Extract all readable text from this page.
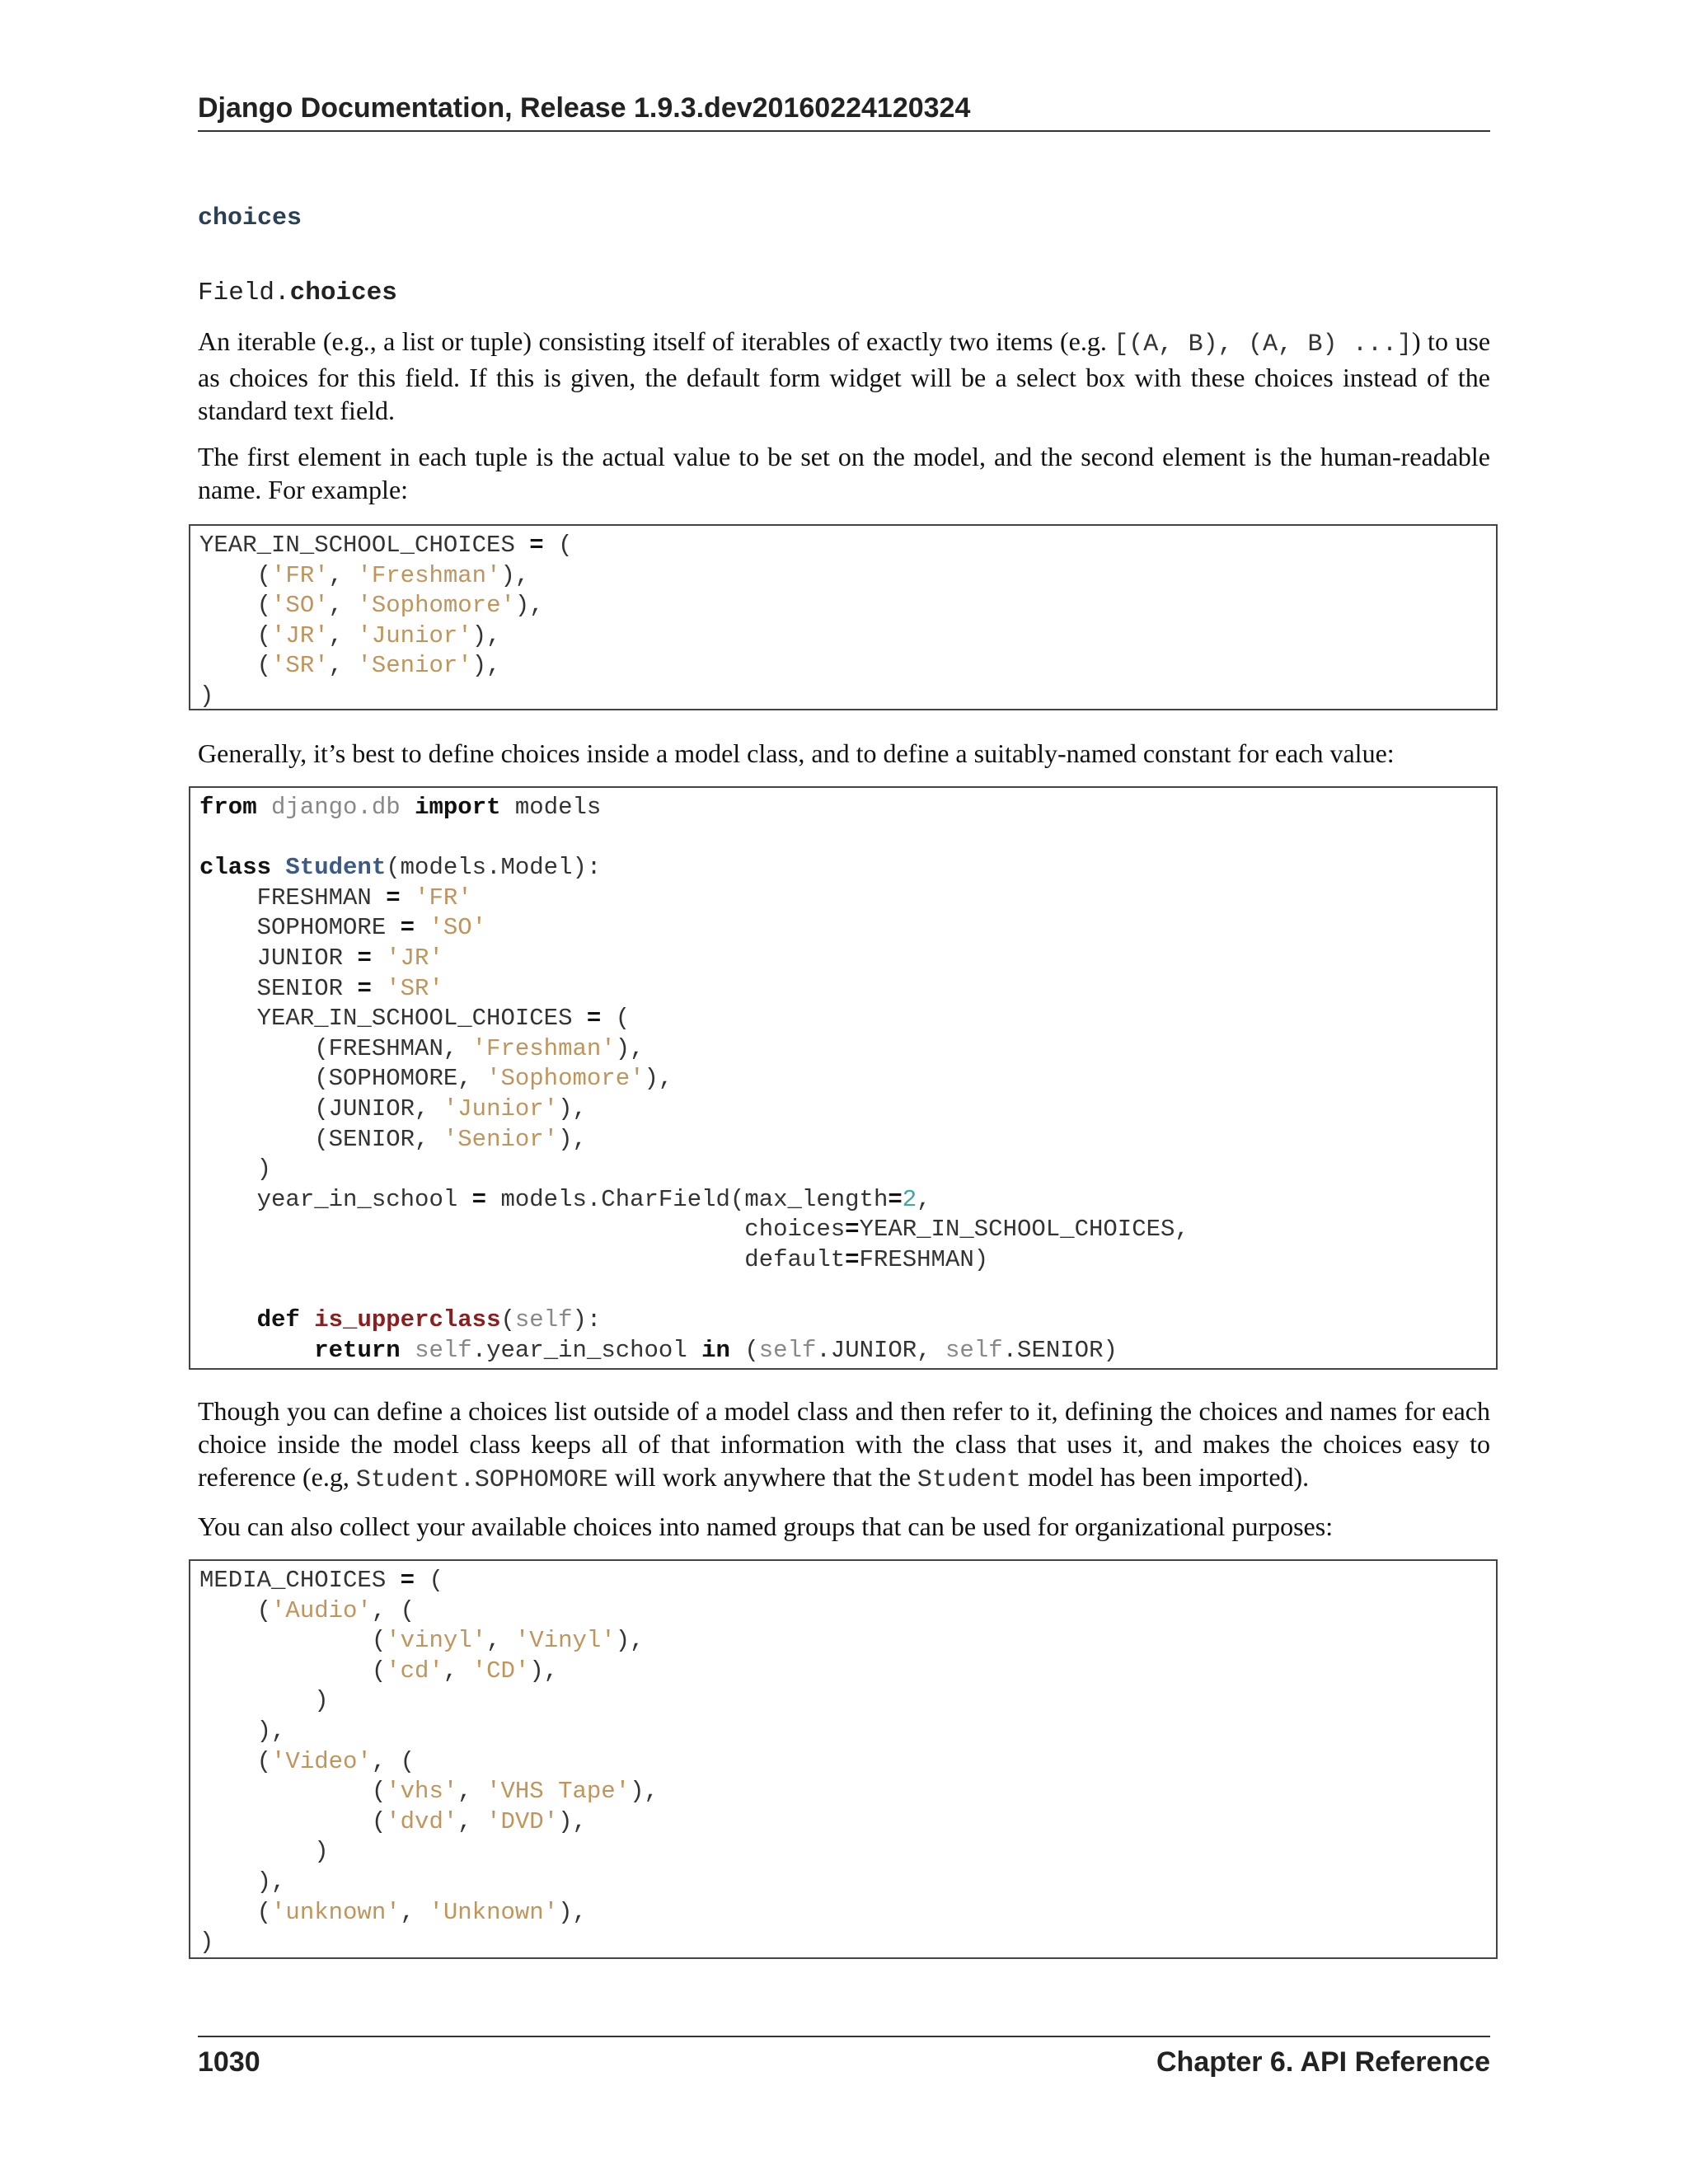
Django Documentation, Release 1.9.3.dev20160224120324
choices
Field.choices
An iterable (e.g., a list or tuple) consisting itself of iterables of exactly two items (e.g. [(A, B), (A, B) ...]) to use as choices for this field. If this is given, the default form widget will be a select box with these choices instead of the standard text field.
The first element in each tuple is the actual value to be set on the model, and the second element is the human-readable name. For example:
YEAR_IN_SCHOOL_CHOICES = (
('FR', 'Freshman'),
('SO', 'Sophomore'),
('JR', 'Junior'),
('SR', 'Senior'),
)
Generally, it’s best to define choices inside a model class, and to define a suitably-named constant for each value:
from django.db import models

class Student(models.Model):
FRESHMAN = 'FR'
SOPHOMORE = 'SO'
JUNIOR = 'JR'
SENIOR = 'SR'
YEAR_IN_SCHOOL_CHOICES = (
(FRESHMAN, 'Freshman'),
(SOPHOMORE, 'Sophomore'),
(JUNIOR, 'Junior'),
(SENIOR, 'Senior'),
)
year_in_school = models.CharField(max_length=2,
choices=YEAR_IN_SCHOOL_CHOICES,
default=FRESHMAN)

def is_upperclass(self):
return self.year_in_school in (self.JUNIOR, self.SENIOR)
Though you can define a choices list outside of a model class and then refer to it, defining the choices and names for each choice inside the model class keeps all of that information with the class that uses it, and makes the choices easy to reference (e.g, Student.SOPHOMORE will work anywhere that the Student model has been imported).
You can also collect your available choices into named groups that can be used for organizational purposes:
MEDIA_CHOICES = (
('Audio', (
('vinyl', 'Vinyl'),
('cd', 'CD'),
)
),
('Video', (
('vhs', 'VHS Tape'),
('dvd', 'DVD'),
)
),
('unknown', 'Unknown'),
)
1030	Chapter 6. API Reference
